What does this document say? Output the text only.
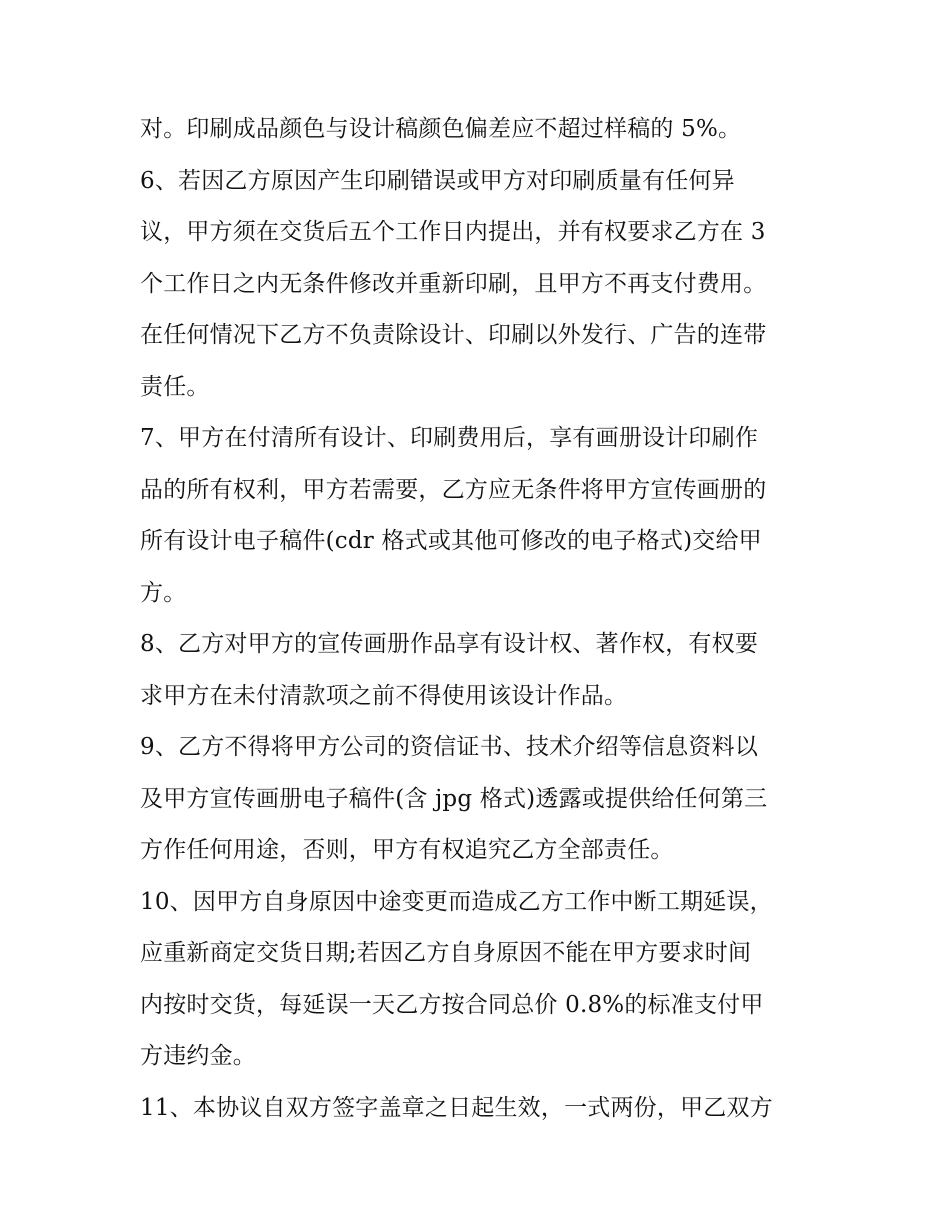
对。印刷成品颜色与设计稿颜色偏差应不超过样稿的 5%。
6、若因乙方原因产生印刷错误或甲方对印刷质量有任何异
议，甲方须在交货后五个工作日内提出，并有权要求乙方在 3
个工作日之内无条件修改并重新印刷，且甲方不再支付费用。
在任何情况下乙方不负责除设计、印刷以外发行、广告的连带
责任。
7、甲方在付清所有设计、印刷费用后，享有画册设计印刷作
品的所有权利，甲方若需要，乙方应无条件将甲方宣传画册的
所有设计电子稿件(cdr 格式或其他可修改的电子格式)交给甲
方。
8、乙方对甲方的宣传画册作品享有设计权、著作权，有权要
求甲方在未付清款项之前不得使用该设计作品。
9、乙方不得将甲方公司的资信证书、技术介绍等信息资料以
及甲方宣传画册电子稿件(含 jpg 格式)透露或提供给任何第三
方作任何用途，否则，甲方有权追究乙方全部责任。
10、因甲方自身原因中途变更而造成乙方工作中断工期延误，
应重新商定交货日期;若因乙方自身原因不能在甲方要求时间
内按时交货，每延误一天乙方按合同总价 0.8%的标准支付甲
方违约金。
11、本协议自双方签字盖章之日起生效，一式两份，甲乙双方
